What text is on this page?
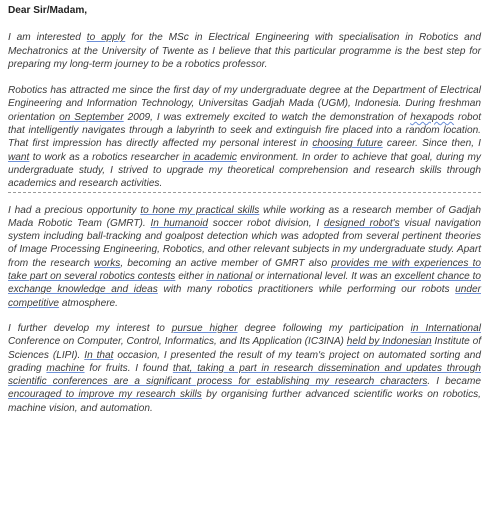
Dear Sir/Madam,

I am interested to apply for the MSc in Electrical Engineering with specialisation in Robotics and Mechatronics at the University of Twente as I believe that this particular programme is the best step for preparing my long-term journey to be a robotics professor.

Robotics has attracted me since the first day of my undergraduate degree at the Department of Electrical Engineering and Information Technology, Universitas Gadjah Mada (UGM), Indonesia. During freshman orientation on September 2009, I was extremely excited to watch the demonstration of hexapods robot that intelligently navigates through a labyrinth to seek and extinguish fire placed into a random location. That first impression has directly affected my personal interest in choosing future career. Since then, I want to work as a robotics researcher in academic environment. In order to achieve that goal, during my undergraduate study, I strived to upgrade my theoretical comprehension and research skills through academics and research activities.

I had a precious opportunity to hone my practical skills while working as a research member of Gadjah Mada Robotic Team (GMRT). In humanoid soccer robot division, I designed robot's visual navigation system including ball-tracking and goalpost detection which was adopted from several pertinent theories of Image Processing Engineering, Robotics, and other relevant subjects in my undergraduate study. Apart from the research works, becoming an active member of GMRT also provides me with experiences to take part on several robotics contests either in national or international level. It was an excellent chance to exchange knowledge and ideas with many robotics practitioners while performing our robots under competitive atmosphere.

I further develop my interest to pursue higher degree following my participation in International Conference on Computer, Control, Informatics, and Its Application (IC3INA) held by Indonesian Institute of Sciences (LIPI). In that occasion, I presented the result of my team's project on automated sorting and grading machine for fruits. I found that, taking a part in research dissemination and updates through scientific conferences are a significant process for establishing my research characters. I became encouraged to improve my research skills by organising further advanced scientific works on robotics, machine vision, and automation.
